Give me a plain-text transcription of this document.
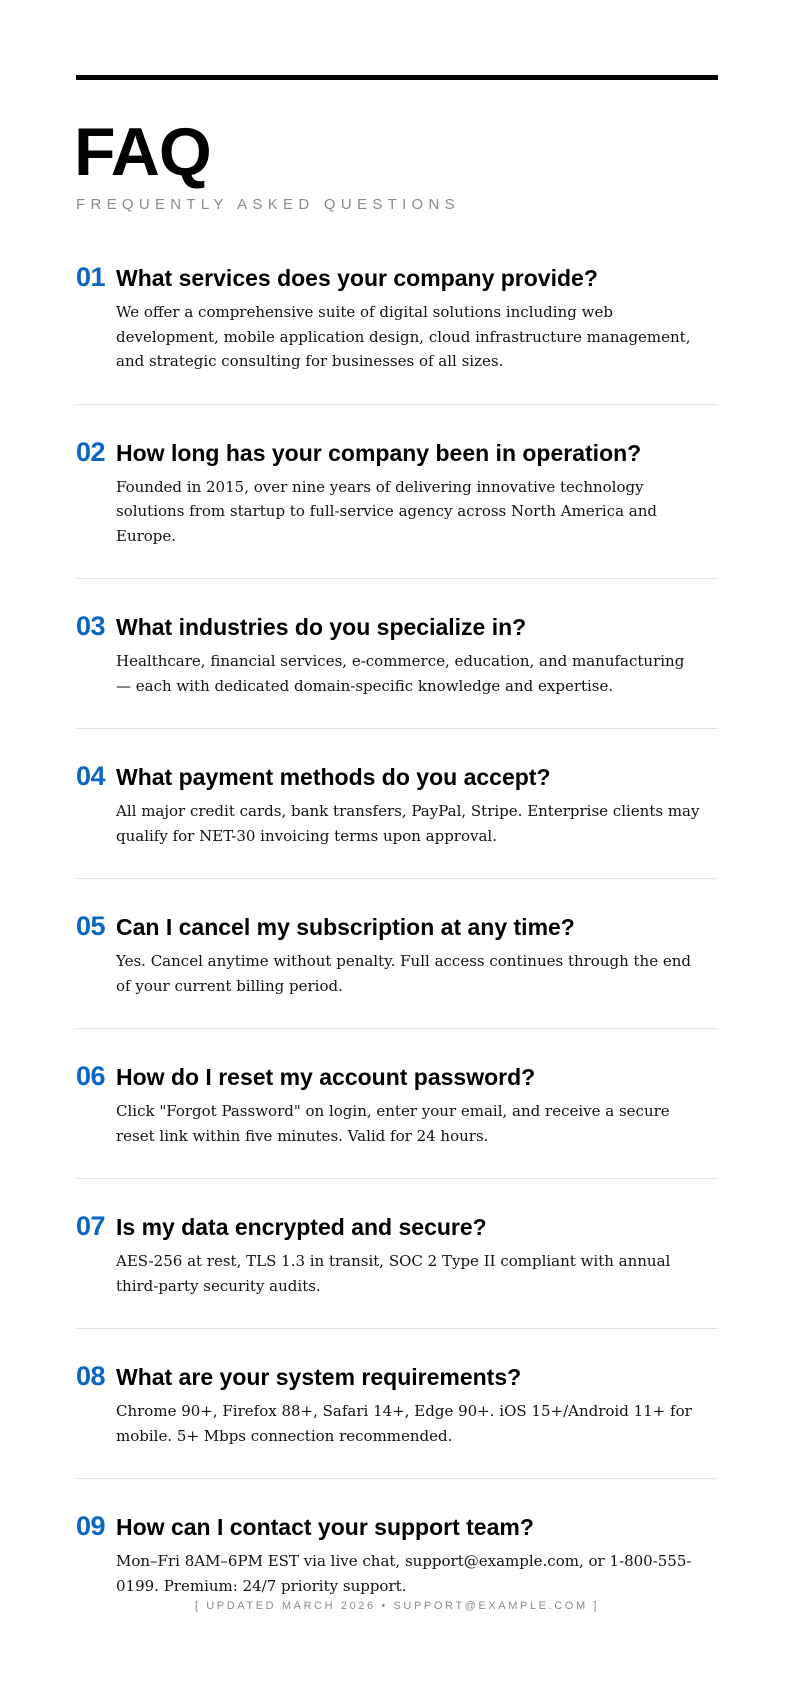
FAQ

FREQUENTLY ASKED QUESTIONS

01 What services does your company provide?

We offer a comprehensive suite of digital solutions including web development, mobile application design, cloud infrastructure management, and strategic consulting for businesses of all sizes.

02 How long has your company been in operation?

Founded in 2015, over nine years of delivering innovative technology solutions from startup to full-service agency across North America and Europe.

03 What industries do you specialize in?

Healthcare, financial services, e-commerce, education, and manufacturing — each with dedicated domain-specific knowledge and expertise.

04 What payment methods do you accept?

All major credit cards, bank transfers, PayPal, Stripe. Enterprise clients may qualify for NET-30 invoicing terms upon approval.

05 Can I cancel my subscription at any time?

Yes. Cancel anytime without penalty. Full access continues through the end of your current billing period.

06 How do I reset my account password?

Click "Forgot Password" on login, enter your email, and receive a secure reset link within five minutes. Valid for 24 hours.

07 Is my data encrypted and secure?

AES-256 at rest, TLS 1.3 in transit, SOC 2 Type II compliant with annual third-party security audits.

08 What are your system requirements?

Chrome 90+, Firefox 88+, Safari 14+, Edge 90+. iOS 15+/Android 11+ for mobile. 5+ Mbps connection recommended.

09 How can I contact your support team?

Mon–Fri 8AM–6PM EST via live chat, support@example.com, or 1-800-555-0199. Premium: 24/7 priority support.

[ UPDATED MARCH 2026 • SUPPORT@EXAMPLE.COM ]
